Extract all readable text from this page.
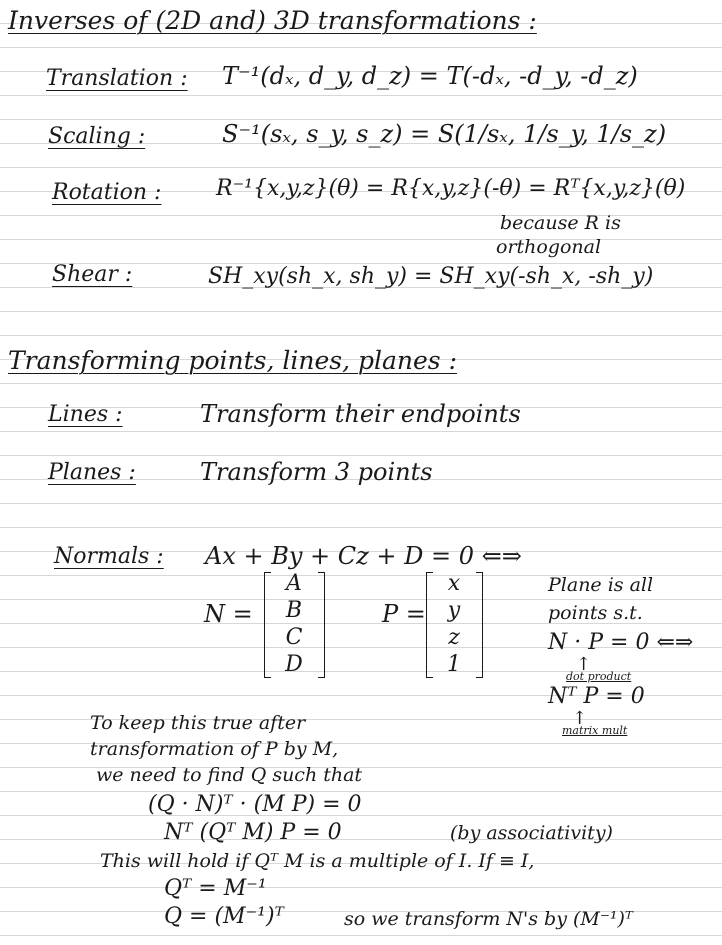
Inverses of (2D and) 3D transformations :
Translation : T⁻¹(dₓ, d_y, d_z) = T(-dₓ, -d_y, -d_z)
Scaling :	S⁻¹(sₓ, s_y, s_z) = S(1/sₓ, 1/s_y, 1/s_z)
Rotation : R⁻¹{x,y,z}(θ) = R{x,y,z}(-θ) = Rᵀ{x,y,z}(θ)
because R is
orthogonal
Shear :	SH_xy(sh_x, sh_y) = SH_xy(-sh_x, -sh_y)
Transforming points, lines, planes :
Lines :	Transform their endpoints
Planes :	Transform 3 points
Normals : Ax + By + Cz + D = 0 ⇐⇒
N =
A
B
C
D
P =
x
y
z
1
Plane is all
points s.t.
N · P = 0 ⇐⇒
↑
dot product
Nᵀ P = 0
↑
matrix mult
To keep this true after
transformation of P by M,
we need to find Q such that
(Q · N)ᵀ · (M P) = 0
Nᵀ (Qᵀ M) P = 0	(by associativity)
This will hold if Qᵀ M is a multiple of I. If ≡ I,
Qᵀ = M⁻¹
Q = (M⁻¹)ᵀ	so we transform N's by (M⁻¹)ᵀ
